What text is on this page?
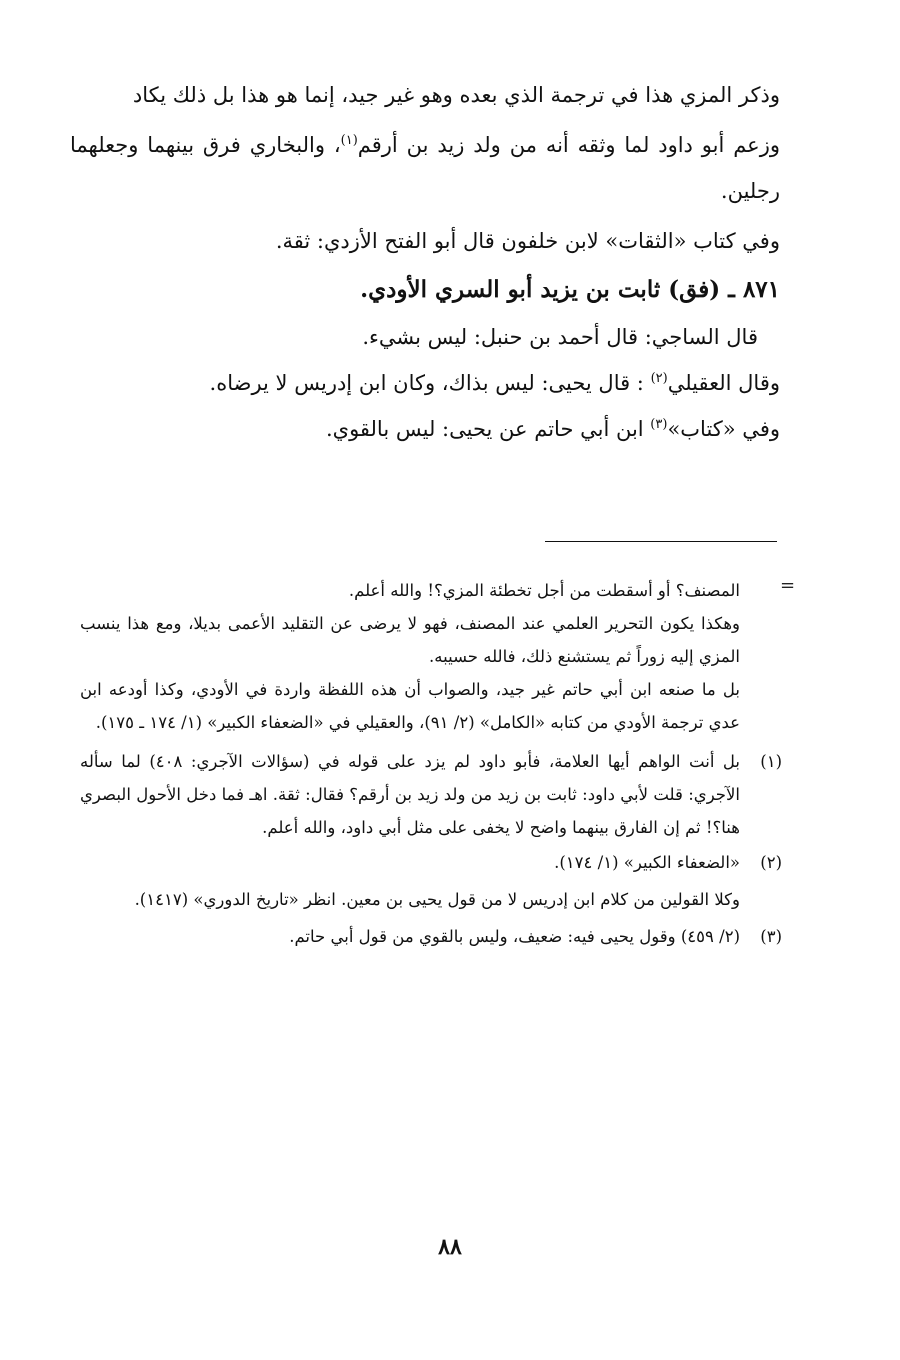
وذكر المزي هذا في ترجمة الذي بعده وهو غير جيد، إنما هو هذا بل ذلك يكاد

وزعم أبو داود لما وثقه أنه من ولد زيد بن أرقم$^{(١)}$، والبخاري فرق بينهما وجعلهما رجلين.

وفي كتاب «الثقات» لابن خلفون قال أبو الفتح الأزدي: ثقة.

٨٧١ ـ (فق) ثابت بن يزيد أبو السري الأودي.

قال الساجي: قال أحمد بن حنبل: ليس بشيء.

وقال العقيلي$^{(٢)}$ : قال يحيى: ليس بذاك، وكان ابن إدريس لا يرضاه.

وفي «كتاب»$^{(٣)}$ ابن أبي حاتم عن يحيى: ليس بالقوي.

=

المصنف؟ أو أسقطت من أجل تخطئة المزي؟! والله أعلم.

وهكذا يكون التحرير العلمي عند المصنف، فهو لا يرضى عن التقليد الأعمى بديلا، ومع هذا ينسب المزي إليه زوراً ثم يستشنع ذلك، فالله حسيبه.

بل ما صنعه ابن أبي حاتم غير جيد، والصواب أن هذه اللفظة واردة في الأودي، وكذا أودعه ابن عدي ترجمة الأودي من كتابه «الكامل» (٢/ ٩١)، والعقيلي في «الضعفاء الكبير» (١/ ١٧٤ ـ ١٧٥).

(١)

بل أنت الواهم أيها العلامة، فأبو داود لم يزد على قوله في (سؤالات الآجري: ٤٠٨) لما سأله الآجري: قلت لأبي داود: ثابت بن زيد من ولد زيد بن أرقم؟ فقال: ثقة. اهـ فما دخل الأحول البصري هنا؟! ثم إن الفارق بينهما واضح لا يخفى على مثل أبي داود، والله أعلم.

(٢)

«الضعفاء الكبير» (١/ ١٧٤).

وكلا القولين من كلام ابن إدريس لا من قول يحيى بن معين. انظر «تاريخ الدوري» (١٤١٧).

(٣)

(٢/ ٤٥٩) وقول يحيى فيه: ضعيف، وليس بالقوي من قول أبي حاتم.

٨٨
